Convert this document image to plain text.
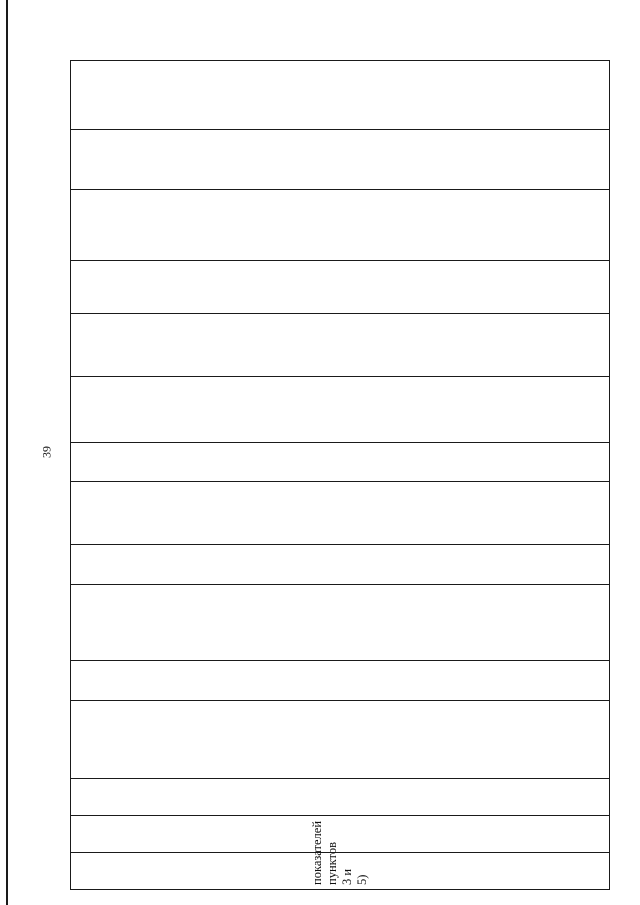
39
показателей пунктов 3 и 5)														
